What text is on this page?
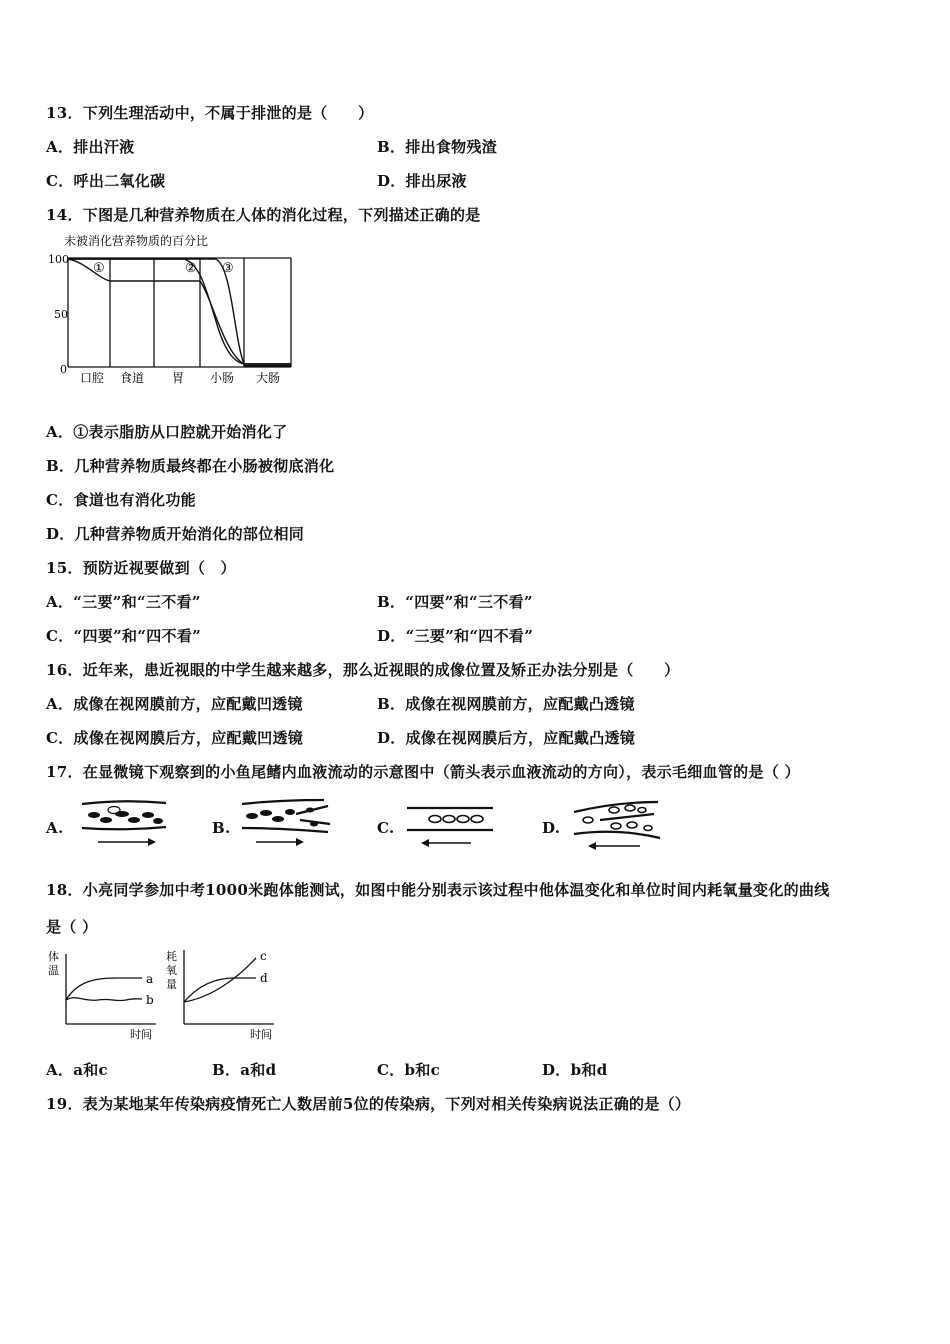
13．下列生理活动中，不属于排泄的是（　　）
A．排出汗液	B．排出食物残渣
C．呼出二氧化碳	D．排出尿液
14．下图是几种营养物质在人体的消化过程，下列描述正确的是
未被消化营养物质的百分比
100
50
0
①	② ③
口腔 食道 胃 小肠 大肠
A．①表示脂肪从口腔就开始消化了
B．几种营养物质最终都在小肠被彻底消化
C．食道也有消化功能
D．几种营养物质开始消化的部位相同
15．预防近视要做到（　）
A．“三要”和“三不看”	B．“四要”和“三不看”
C．“四要”和“四不看”	D．“三要”和“四不看”
16．近年来，患近视眼的中学生越来越多，那么近视眼的成像位置及矫正办法分别是（　　）
A．成像在视网膜前方，应配戴凹透镜	B．成像在视网膜前方，应配戴凸透镜
C．成像在视网膜后方，应配戴凹透镜	D．成像在视网膜后方，应配戴凸透镜
17．在显微镜下观察到的小鱼尾鳍内血液流动的示意图中（箭头表示血液流动的方向），表示毛细血管的是（ ）
A.	B.	C.	D.
18．小亮同学参加中考1000米跑体能测试，如图中能分别表示该过程中他体温变化和单位时间内耗氧量变化的曲线
是（ ）
体
温
a
b
时间
耗
氧
量
c
d
时间
A．a和c	B．a和d	C．b和c	D．b和d
19．表为某地某年传染病疫情死亡人数居前5位的传染病，下列对相关传染病说法正确的是（）
